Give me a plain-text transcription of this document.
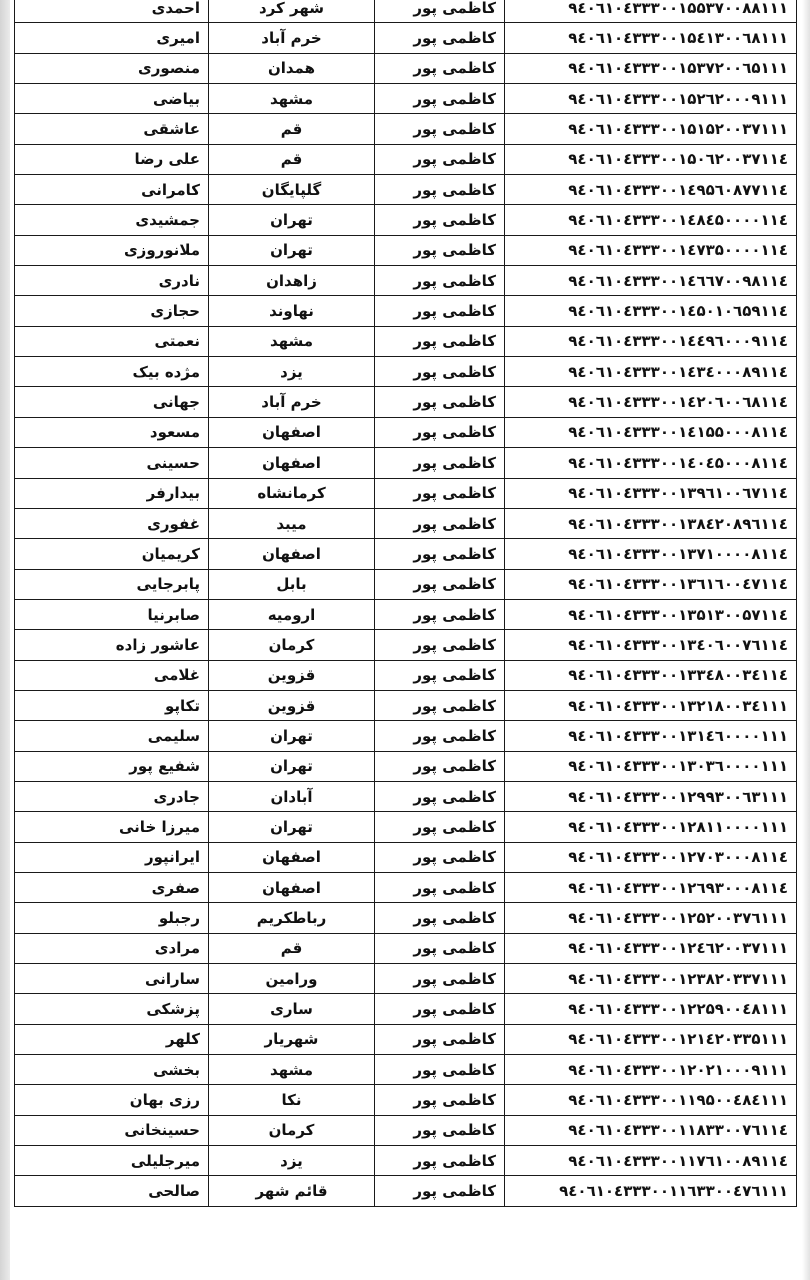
۹٤۰٦۱۰٤۳۳۳۰۰۱۵۵۳۷۰۰۸۸۱۱۱	کاظمی پور	شهر کرد	احمدی
۹٤۰٦۱۰٤۳۳۳۰۰۱۵٤۱۳۰۰٦۸۱۱۱	کاظمی پور	خرم آباد	امیری
۹٤۰٦۱۰٤۳۳۳۰۰۱۵۳۷۲۰۰٦۵۱۱۱	کاظمی پور	همدان	منصوری
۹٤۰٦۱۰٤۳۳۳۰۰۱۵۲٦۲۰۰۰۹۱۱۱	کاظمی پور	مشهد	بیاضی
۹٤۰٦۱۰٤۳۳۳۰۰۱۵۱۵۲۰۰۳۷۱۱۱	کاظمی پور	قم	عاشقی
۹٤۰٦۱۰٤۳۳۳۰۰۱۵۰٦۲۰۰۳۷۱۱٤	کاظمی پور	قم	علی رضا
۹٤۰٦۱۰٤۳۳۳۰۰۱٤۹۵٦۰۸۷۷۱۱٤	کاظمی پور	گلپایگان	کامرانی
۹٤۰٦۱۰٤۳۳۳۰۰۱٤۸٤۵۰۰۰۰۱۱٤	کاظمی پور	تهران	جمشیدی
۹٤۰٦۱۰٤۳۳۳۰۰۱٤۷۳۵۰۰۰۰۱۱٤	کاظمی پور	تهران	ملانوروزی
۹٤۰٦۱۰٤۳۳۳۰۰۱٤٦٦۷۰۰۹۸۱۱٤	کاظمی پور	زاهدان	نادری
۹٤۰٦۱۰٤۳۳۳۰۰۱٤۵۰۱۰٦۵۹۱۱٤	کاظمی پور	نهاوند	حجازی
۹٤۰٦۱۰٤۳۳۳۰۰۱٤٤۹٦۰۰۰۹۱۱٤	کاظمی پور	مشهد	نعمتی
۹٤۰٦۱۰٤۳۳۳۰۰۱٤۳٤۰۰۰۸۹۱۱٤	کاظمی پور	یزد	مژده بیک
۹٤۰٦۱۰٤۳۳۳۰۰۱٤۲۰٦۰۰٦۸۱۱٤	کاظمی پور	خرم آباد	جهانی
۹٤۰٦۱۰٤۳۳۳۰۰۱٤۱۵۵۰۰۰۸۱۱٤	کاظمی پور	اصفهان	مسعود
۹٤۰٦۱۰٤۳۳۳۰۰۱٤۰٤۵۰۰۰۸۱۱٤	کاظمی پور	اصفهان	حسینی
۹٤۰٦۱۰٤۳۳۳۰۰۱۳۹٦۱۰۰٦۷۱۱٤	کاظمی پور	کرمانشاه	بیدارفر
۹٤۰٦۱۰٤۳۳۳۰۰۱۳۸٤۲۰۸۹٦۱۱٤	کاظمی پور	میبد	غفوری
۹٤۰٦۱۰٤۳۳۳۰۰۱۳۷۱۰۰۰۰۸۱۱٤	کاظمی پور	اصفهان	کریمیان
۹٤۰٦۱۰٤۳۳۳۰۰۱۳٦۱٦۰۰٤۷۱۱٤	کاظمی پور	بابل	پابرجایی
۹٤۰٦۱۰٤۳۳۳۰۰۱۳۵۱۳۰۰۵۷۱۱٤	کاظمی پور	ارومیه	صابرنیا
۹٤۰٦۱۰٤۳۳۳۰۰۱۳٤۰٦۰۰۷٦۱۱٤	کاظمی پور	کرمان	عاشور زاده
۹٤۰٦۱۰٤۳۳۳۰۰۱۳۳٤۸۰۰۳٤۱۱٤	کاظمی پور	قزوین	غلامی
۹٤۰٦۱۰٤۳۳۳۰۰۱۳۲۱۸۰۰۳٤۱۱۱	کاظمی پور	قزوین	تکاپو
۹٤۰٦۱۰٤۳۳۳۰۰۱۳۱٤٦۰۰۰۰۱۱۱	کاظمی پور	تهران	سلیمی
۹٤۰٦۱۰٤۳۳۳۰۰۱۳۰۳٦۰۰۰۰۱۱۱	کاظمی پور	تهران	شفیع پور
۹٤۰٦۱۰٤۳۳۳۰۰۱۲۹۹۳۰۰٦۳۱۱۱	کاظمی پور	آبادان	جادری
۹٤۰٦۱۰٤۳۳۳۰۰۱۲۸۱۱۰۰۰۰۱۱۱	کاظمی پور	تهران	میرزا خانی
۹٤۰٦۱۰٤۳۳۳۰۰۱۲۷۰۳۰۰۰۸۱۱٤	کاظمی پور	اصفهان	ایرانپور
۹٤۰٦۱۰٤۳۳۳۰۰۱۲٦۹۳۰۰۰۸۱۱٤	کاظمی پور	اصفهان	صفری
۹٤۰٦۱۰٤۳۳۳۰۰۱۲۵۲۰۰۳۷٦۱۱۱	کاظمی پور	رباطکریم	رجبلو
۹٤۰٦۱۰٤۳۳۳۰۰۱۲٤٦۲۰۰۳۷۱۱۱	کاظمی پور	قم	مرادی
۹٤۰٦۱۰٤۳۳۳۰۰۱۲۳۸۲۰۳۳۷۱۱۱	کاظمی پور	ورامین	سارانی
۹٤۰٦۱۰٤۳۳۳۰۰۱۲۲۵۹۰۰٤۸۱۱۱	کاظمی پور	ساری	پزشکی
۹٤۰٦۱۰٤۳۳۳۰۰۱۲۱٤۲۰۳۳۵۱۱۱	کاظمی پور	شهریار	کلهر
۹٤۰٦۱۰٤۳۳۳۰۰۱۲۰۲۱۰۰۰۹۱۱۱	کاظمی پور	مشهد	بخشی
۹٤۰٦۱۰٤۳۳۳۰۰۱۱۹۵۰۰٤۸٤۱۱۱	کاظمی پور	نکا	رزی بهان
۹٤۰٦۱۰٤۳۳۳۰۰۱۱۸۳۳۰۰۷٦۱۱٤	کاظمی پور	کرمان	حسینخانی
۹٤۰٦۱۰٤۳۳۳۰۰۱۱۷٦۱۰۰۸۹۱۱٤	کاظمی پور	یزد	میرجلیلی
۹٤۰٦۱۰٤۳۳۳۰۰۱۱٦۳۳۰۰٤۷٦۱۱۱	کاظمی پور	قائم شهر	صالحی
